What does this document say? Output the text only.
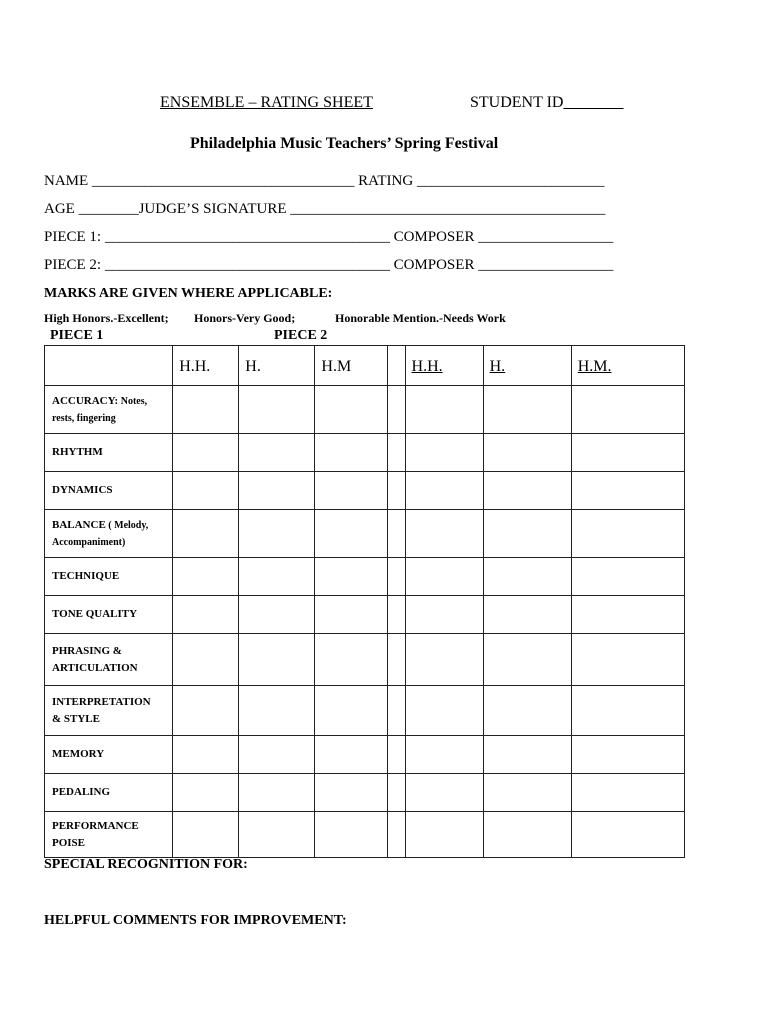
ENSEMBLE – RATING SHEET	STUDENT ID____ ___
Philadelphia Music Teachers’ Spring Festival
NAME ___________________________________ RATING _________________________
AGE ________JUDGE’S SIGNATURE __________________________________________
PIECE 1: ______________________________________ COMPOSER __________________
PIECE 2: ______________________________________ COMPOSER __________________
MARKS ARE GIVEN WHERE APPLICABLE:
High Honors.-Excellent; Honors-Very Good;	Honorable Mention.-Needs Work
PIECE 1	PIECE 2
	H.H.	H.	H.M		H.H.	H.	H.M.
ACCURACY: Notes,
rests, fingering							
RHYTHM							
DYNAMICS							
BALANCE ( Melody,
Accompaniment)							
TECHNIQUE							
TONE QUALITY							
PHRASING &
ARTICULATION							
INTERPRETATION
& STYLE							
MEMORY							
PEDALING							
PERFORMANCE
POISE							
SPECIAL RECOGNITION FOR:
HELPFUL COMMENTS FOR IMPROVEMENT:
